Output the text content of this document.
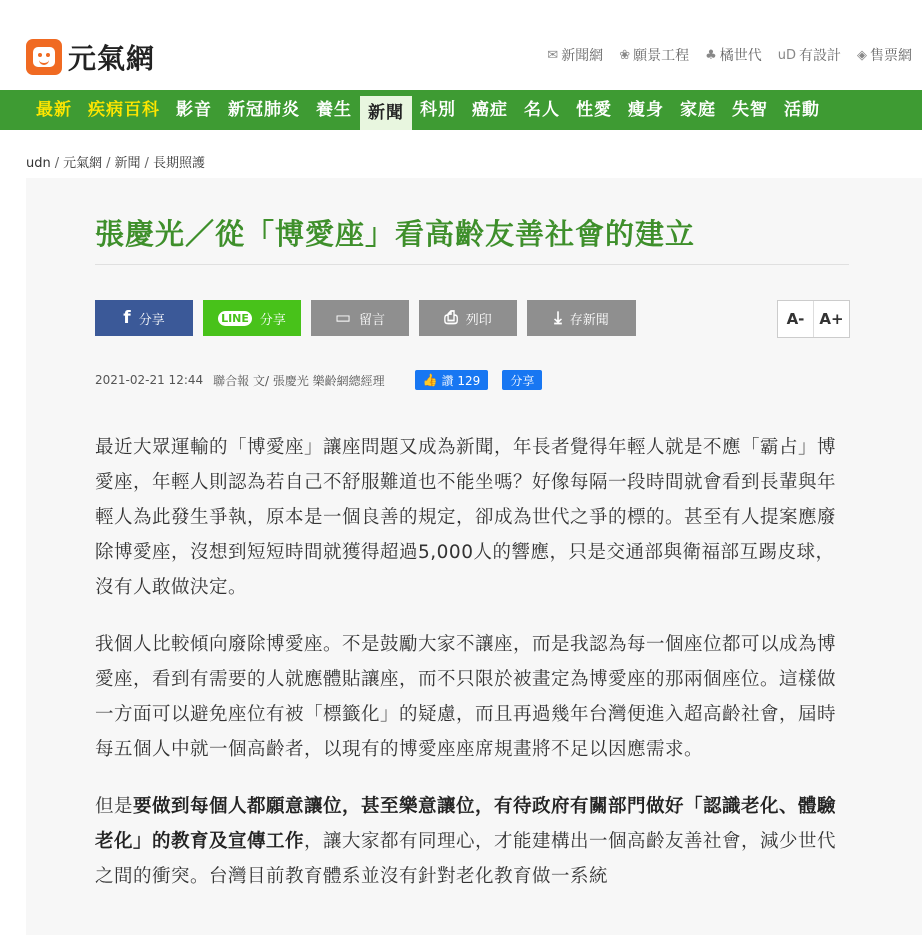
元氣網	✉ 新聞網 ❀ 願景工程 ♣ 橘世代 uD 有設計 ◈ 售票網
最新 疾病百科 影音 新冠肺炎 養生 新聞 科別 癌症 名人 性愛 瘦身 家庭 失智 活動
udn / 元氣網 / 新聞 / 長期照護
張慶光／從「博愛座」看高齡友善社會的建立
f 分享	LINE 分享	▭ 留言	⎙ 列印	⤓ 存新聞	A- A+
2021-02-21 12:44 聯合報 文/ 張慶光 樂齡網總經理	👍 讚 129	分享

最近大眾運輸的「博愛座」讓座問題又成為新聞，年長者覺得年輕人就是不應「霸占」博愛座，年輕人則認為若自己不舒服難道也不能坐嗎？好像每隔一段時間就會看到長輩與年輕人為此發生爭執，原本是一個良善的規定，卻成為世代之爭的標的。甚至有人提案應廢除博愛座，沒想到短短時間就獲得超過5,000人的響應，只是交通部與衛福部互踢皮球，沒有人敢做決定。

我個人比較傾向廢除博愛座。不是鼓勵大家不讓座，而是我認為每一個座位都可以成為博愛座，看到有需要的人就應體貼讓座，而不只限於被畫定為博愛座的那兩個座位。這樣做一方面可以避免座位有被「標籤化」的疑慮，而且再過幾年台灣便進入超高齡社會，屆時每五個人中就一個高齡者，以現有的博愛座座席規畫將不足以因應需求。

但是要做到每個人都願意讓位，甚至樂意讓位，有待政府有關部門做好「認識老化、體驗老化」的教育及宣傳工作，讓大家都有同理心，才能建構出一個高齡友善社會，減少世代之間的衝突。台灣目前教育體系並沒有針對老化教育做一系統
